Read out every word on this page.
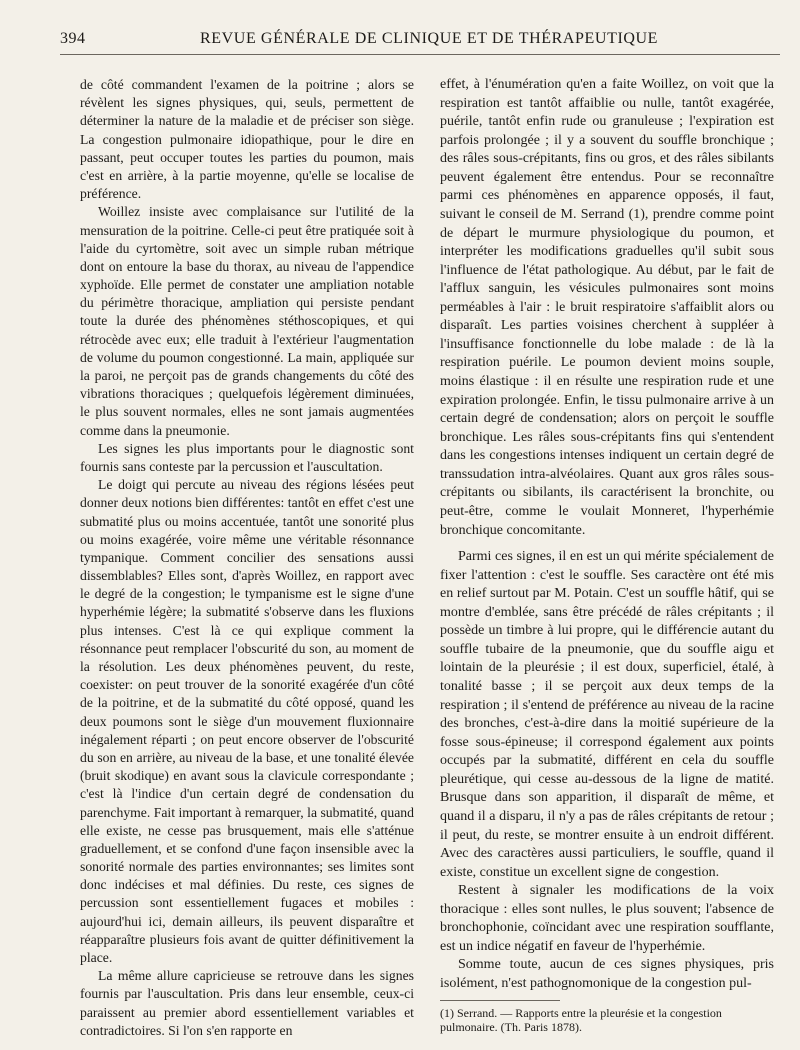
394	REVUE GÉNÉRALE DE CLINIQUE ET DE THÉRAPEUTIQUE

de côté commandent l'examen de la poitrine ; alors se révèlent les signes physiques, qui, seuls, permettent de déterminer la nature de la maladie et de préciser son siège. La congestion pulmonaire idiopathique, pour le dire en passant, peut occuper toutes les parties du poumon, mais c'est en arrière, à la partie moyenne, qu'elle se localise de préférence.

Woillez insiste avec complaisance sur l'utilité de la mensuration de la poitrine. Celle-ci peut être pratiquée soit à l'aide du cyrtomètre, soit avec un simple ruban métrique dont on entoure la base du thorax, au niveau de l'appendice xyphoïde. Elle permet de constater une ampliation notable du périmètre thoracique, ampliation qui persiste pendant toute la durée des phénomènes stéthoscopiques, et qui rétrocède avec eux; elle traduit à l'extérieur l'augmentation de volume du poumon congestionné. La main, appliquée sur la paroi, ne perçoit pas de grands changements du côté des vibrations thoraciques ; quelquefois légèrement diminuées, le plus souvent normales, elles ne sont jamais augmentées comme dans la pneumonie.

Les signes les plus importants pour le diagnostic sont fournis sans conteste par la percussion et l'auscultation.

Le doigt qui percute au niveau des régions lésées peut donner deux notions bien différentes: tantôt en effet c'est une submatité plus ou moins accentuée, tantôt une sonorité plus ou moins exagérée, voire même une véritable résonnance tympanique. Comment concilier des sensations aussi dissemblables? Elles sont, d'après Woillez, en rapport avec le degré de la congestion; le tympanisme est le signe d'une hyperhémie légère; la submatité s'observe dans les fluxions plus intenses. C'est là ce qui explique comment la résonnance peut remplacer l'obscurité du son, au moment de la résolution. Les deux phénomènes peuvent, du reste, coexister: on peut trouver de la sonorité exagérée d'un côté de la poitrine, et de la submatité du côté opposé, quand les deux poumons sont le siège d'un mouvement fluxionnaire inégalement réparti ; on peut encore observer de l'obscurité du son en arrière, au niveau de la base, et une tonalité élevée (bruit skodique) en avant sous la clavicule correspondante ; c'est là l'indice d'un certain degré de condensation du parenchyme. Fait important à remarquer, la submatité, quand elle existe, ne cesse pas brusquement, mais elle s'atténue graduellement, et se confond d'une façon insensible avec la sonorité normale des parties environnantes; ses limites sont donc indécises et mal définies. Du reste, ces signes de percussion sont essentiellement fugaces et mobiles : aujourd'hui ici, demain ailleurs, ils peuvent disparaître et réapparaître plusieurs fois avant de quitter définitivement la place.

La même allure capricieuse se retrouve dans les signes fournis par l'auscultation. Pris dans leur ensemble, ceux-ci paraissent au premier abord essentiellement variables et contradictoires. Si l'on s'en rapporte en

effet, à l'énumération qu'en a faite Woillez, on voit que la respiration est tantôt affaiblie ou nulle, tantôt exagérée, puérile, tantôt enfin rude ou granuleuse ; l'expiration est parfois prolongée ; il y a souvent du souffle bronchique ; des râles sous-crépitants, fins ou gros, et des râles sibilants peuvent également être entendus. Pour se reconnaître parmi ces phénomènes en apparence opposés, il faut, suivant le conseil de M. Serrand (1), prendre comme point de départ le murmure physiologique du poumon, et interpréter les modifications graduelles qu'il subit sous l'influence de l'état pathologique. Au début, par le fait de l'afflux sanguin, les vésicules pulmonaires sont moins perméables à l'air : le bruit respiratoire s'affaiblit alors ou disparaît. Les parties voisines cherchent à suppléer à l'insuffisance fonctionnelle du lobe malade : de là la respiration puérile. Le poumon devient moins souple, moins élastique : il en résulte une respiration rude et une expiration prolongée. Enfin, le tissu pulmonaire arrive à un certain degré de condensation; alors on perçoit le souffle bronchique. Les râles sous-crépitants fins qui s'entendent dans les congestions intenses indiquent un certain degré de transsudation intra-alvéolaires. Quant aux gros râles sous-crépitants ou sibilants, ils caractérisent la bronchite, ou peut-être, comme le voulait Monneret, l'hyperhémie bronchique concomitante.

Parmi ces signes, il en est un qui mérite spécialement de fixer l'attention : c'est le souffle. Ses caractère ont été mis en relief surtout par M. Potain. C'est un souffle hâtif, qui se montre d'emblée, sans être précédé de râles crépitants ; il possède un timbre à lui propre, qui le différencie autant du souffle tubaire de la pneumonie, que du souffle aigu et lointain de la pleurésie ; il est doux, superficiel, étalé, à tonalité basse ; il se perçoit aux deux temps de la respiration ; il s'entend de préférence au niveau de la racine des bronches, c'est-à-dire dans la moitié supérieure de la fosse sous-épineuse; il correspond également aux points occupés par la submatité, différent en cela du souffle pleurétique, qui cesse au-dessous de la ligne de matité. Brusque dans son apparition, il disparaît de même, et quand il a disparu, il n'y a pas de râles crépitants de retour ; il peut, du reste, se montrer ensuite à un endroit différent. Avec des caractères aussi particuliers, le souffle, quand il existe, constitue un excellent signe de congestion.

Restent à signaler les modifications de la voix thoracique : elles sont nulles, le plus souvent; l'absence de bronchophonie, coïncidant avec une respiration soufflante, est un indice négatif en faveur de l'hyperhémie.

Somme toute, aucun de ces signes physiques, pris isolément, n'est pathognomonique de la congestion pul-

(1) Serrand. — Rapports entre la pleurésie et la congestion pulmonaire. (Th. Paris 1878).
